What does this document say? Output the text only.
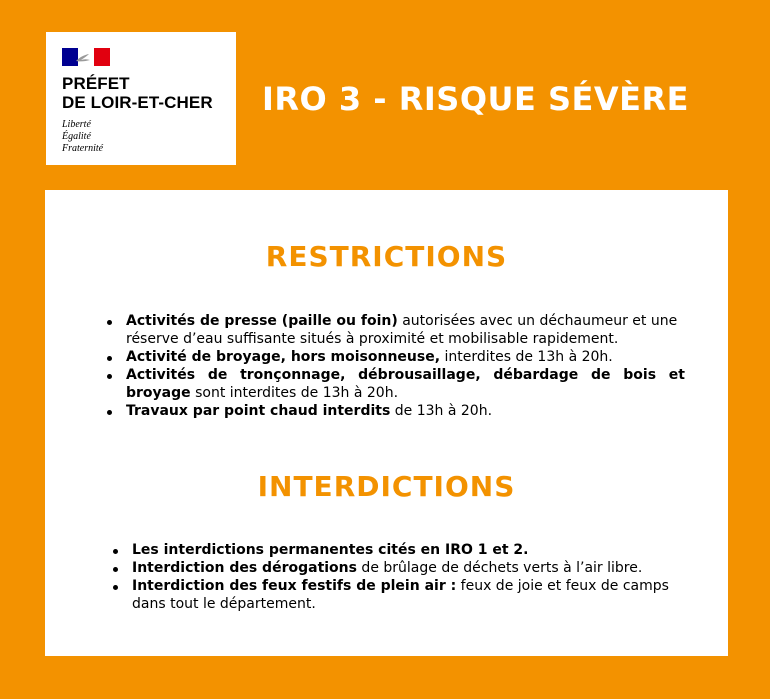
PRÉFET
DE LOIR-ET-CHER
Liberté
Égalité
Fraternité
IRO 3 - RISQUE SÉVÈRE
RESTRICTIONS
Activités de presse (paille ou foin) autorisées avec un déchaumeur et une réserve d’eau suffisante situés à proximité et mobilisable rapidement.
Activité de broyage, hors moisonneuse, interdites de 13h à 20h.
Activités de tronçonnage, débrousaillage, débardage de bois et broyage sont interdites de 13h à 20h.
Travaux par point chaud interdits de 13h à 20h.
INTERDICTIONS
Les interdictions permanentes cités en IRO 1 et 2.
Interdiction des dérogations de brûlage de déchets verts à l’air libre.
Interdiction des feux festifs de plein air : feux de joie et feux de camps dans tout le département.
